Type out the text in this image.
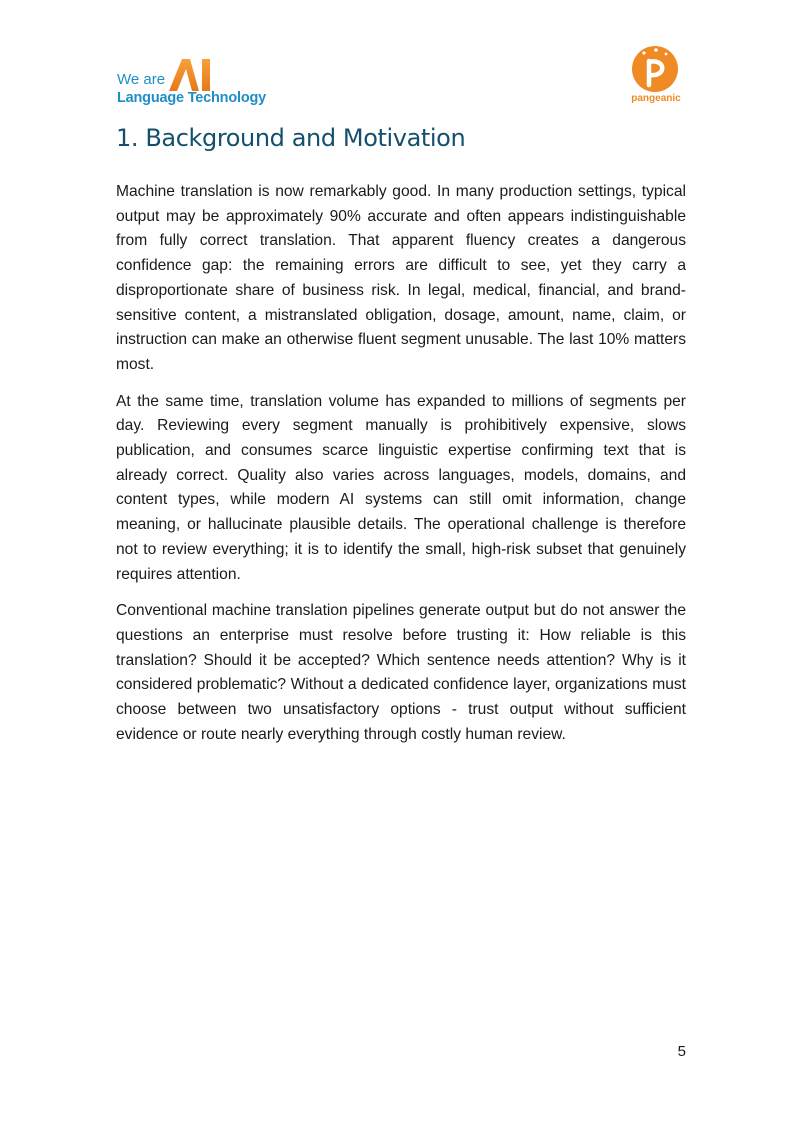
We are
Language Technology	pangeanic
1. Background and Motivation

Machine translation is now remarkably good. In many production settings, typical output may be approximately 90% accurate and often appears indistinguishable from fully correct translation. That apparent fluency creates a dangerous confidence gap: the remaining errors are difficult to see, yet they carry a disproportionate share of business risk. In legal, medical, financial, and brand-sensitive content, a mistranslated obligation, dosage, amount, name, claim, or instruction can make an otherwise fluent segment unusable. The last 10% matters most.

At the same time, translation volume has expanded to millions of segments per day. Reviewing every segment manually is prohibitively expensive, slows publication, and consumes scarce linguistic expertise confirming text that is already correct. Quality also varies across languages, models, domains, and content types, while modern AI systems can still omit information, change meaning, or hallucinate plausible details. The operational challenge is therefore not to review everything; it is to identify the small, high-risk subset that genuinely requires attention.

Conventional machine translation pipelines generate output but do not answer the questions an enterprise must resolve before trusting it: How reliable is this translation? Should it be accepted? Which sentence needs attention? Why is it considered problematic? Without a dedicated confidence layer, organizations must choose between two unsatisfactory options - trust output without sufficient evidence or route nearly everything through costly human review.

5
